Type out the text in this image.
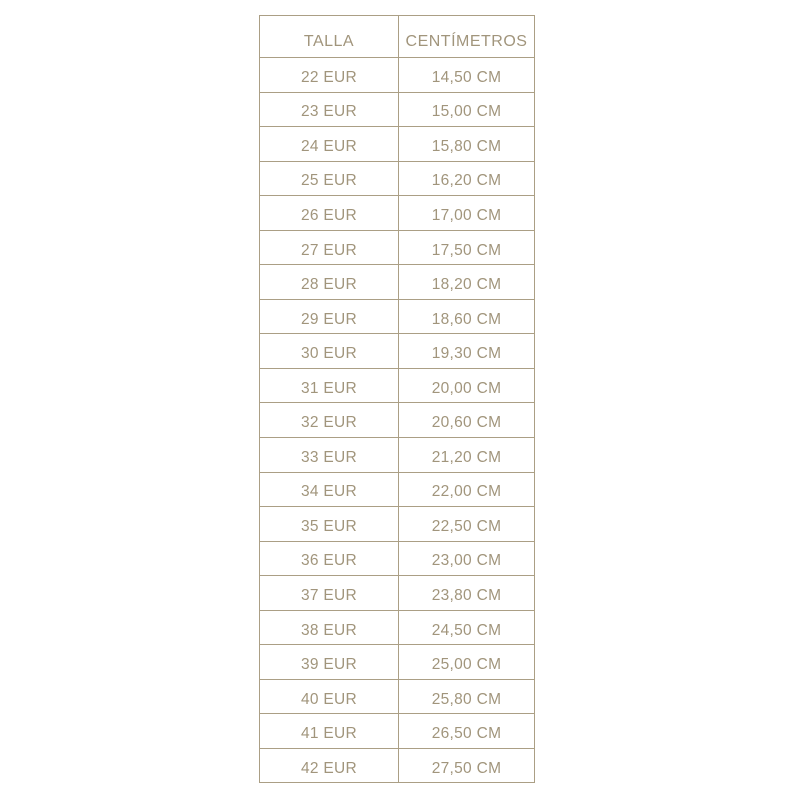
TALLA	CENTÍMETROS
22 EUR	14,50 CM
23 EUR	15,00 CM
24 EUR	15,80 CM
25 EUR	16,20 CM
26 EUR	17,00 CM
27 EUR	17,50 CM
28 EUR	18,20 CM
29 EUR	18,60 CM
30 EUR	19,30 CM
31 EUR	20,00 CM
32 EUR	20,60 CM
33 EUR	21,20 CM
34 EUR	22,00 CM
35 EUR	22,50 CM
36 EUR	23,00 CM
37 EUR	23,80 CM
38 EUR	24,50 CM
39 EUR	25,00 CM
40 EUR	25,80 CM
41 EUR	26,50 CM
42 EUR	27,50 CM
